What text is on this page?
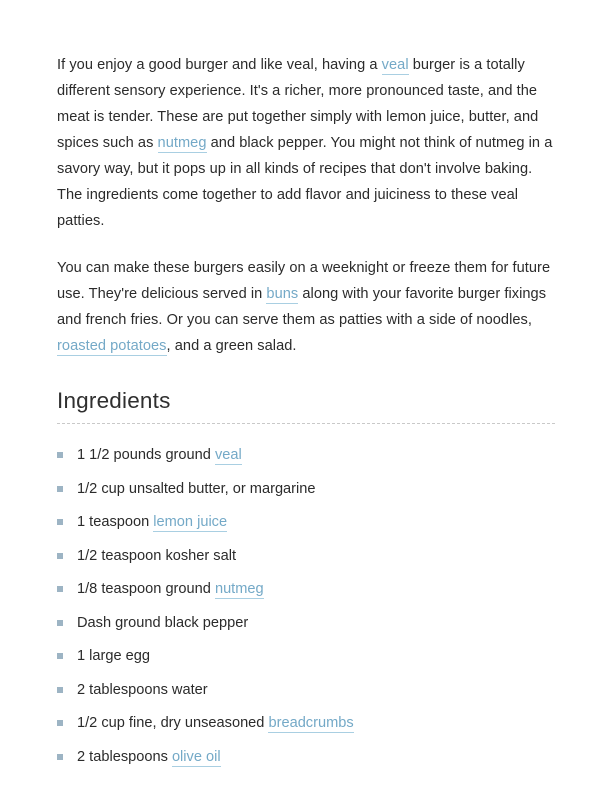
If you enjoy a good burger and like veal, having a veal burger is a totally different sensory experience. It's a richer, more pronounced taste, and the meat is tender. These are put together simply with lemon juice, butter, and spices such as nutmeg and black pepper. You might not think of nutmeg in a savory way, but it pops up in all kinds of recipes that don't involve baking. The ingredients come together to add flavor and juiciness to these veal patties.

You can make these burgers easily on a weeknight or freeze them for future use. They're delicious served in buns along with your favorite burger fixings and french fries. Or you can serve them as patties with a side of noodles, roasted potatoes, and a green salad.

Ingredients
1 1/2 pounds ground veal
1/2 cup unsalted butter, or margarine
1 teaspoon lemon juice
1/2 teaspoon kosher salt
1/8 teaspoon ground nutmeg
Dash ground black pepper
1 large egg
2 tablespoons water
1/2 cup fine, dry unseasoned breadcrumbs
2 tablespoons olive oil
